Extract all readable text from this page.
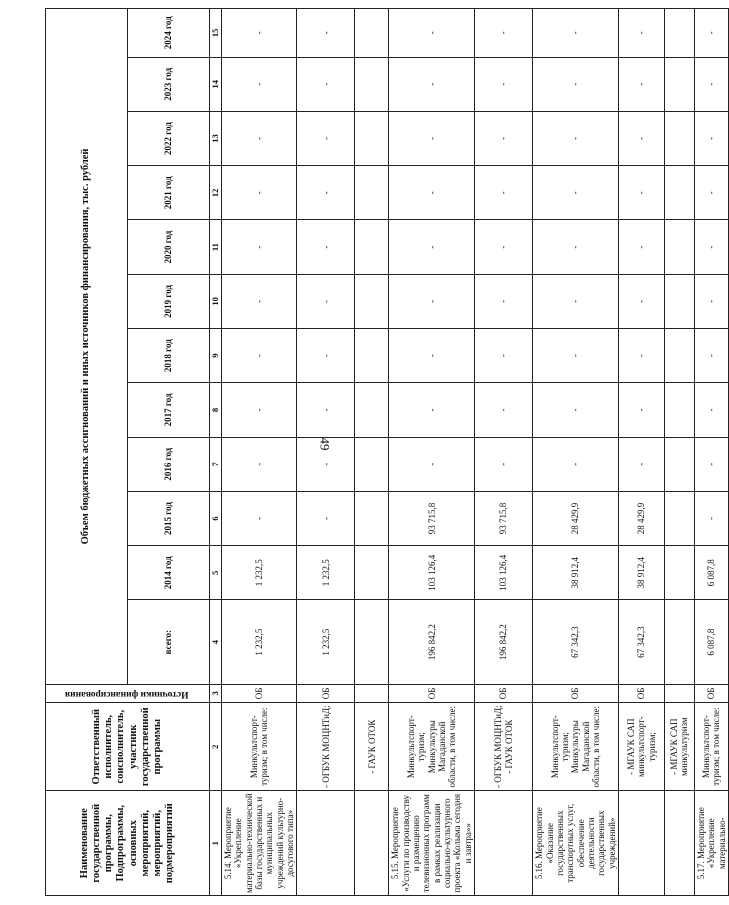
49
Наименование государственной программы, Подпрограммы, основных мероприятий, мероприятий, подмероприятий	Ответственный исполнитель, соисполнитель, участник государственной программы	Источники финансирования	Объем бюджетных ассигнований и иных источников финансирования, тыс. рублей											
			всего:	2014 год	2015 год	2016 год	2017 год	2018 год	2019 год	2020 год	2021 год	2022 год	2023 год	2024 год
1	2	3	4	5	6	7	8	9	10	11	12	13	14	15
5.14. Мероприятие «Укрепление материально-технической базы государственных и муниципальных учреждений культурно-досугового типа»	Минкультспорт-туризм; в том числе:	ОБ	1 232,5	1 232,5	-	-	-	-	-	-	-	-	-	-
	- ОГБУК МОЦНТиД;	ОБ	1 232,5	1 232,5	-	-	-	-	-	-	-	-	-	-
	- ГАУК ОТОК													
5.15. Мероприятие «Услуги по производству и размещению телевизионных программ в рамках реализации социально-культурного проекта «Колыма сегодня и завтра»»	Минкультспорт-туризм; Минкультуры Магаданской области, в том числе:	ОБ	196 842,2	103 126,4	93 715,8	-	-	-	-	-	-	-	-	-
	- ОГБУК МОЦНТиД; - ГАУК ОТОК	ОБ	196 842,2	103 126,4	93 715,8	-	-	-	-	-	-	-	-	-
5.16. Мероприятие «Оказание государственных транспортных услуг, обеспечение деятельности государственных учреждений»	Минкультспорт-туризм; Минкультуры Магаданской области, в том числе:	ОБ	67 342,3	38 912,4	28 429,9	-	-	-	-	-	-	-	-	-
	- МГАУК САП минкультспорт-туризм;	ОБ	67 342,3	38 912,4	28 429,9	-	-	-	-	-	-	-	-	-
	- МГАУК САП минкультуризм													
5.17. Мероприятие «Укрепление материально-	Минкультспорт-туризм; в том числе:	ОБ	6 087,8	6 087,8	-	-	-	-	-	-	-	-	-	-
